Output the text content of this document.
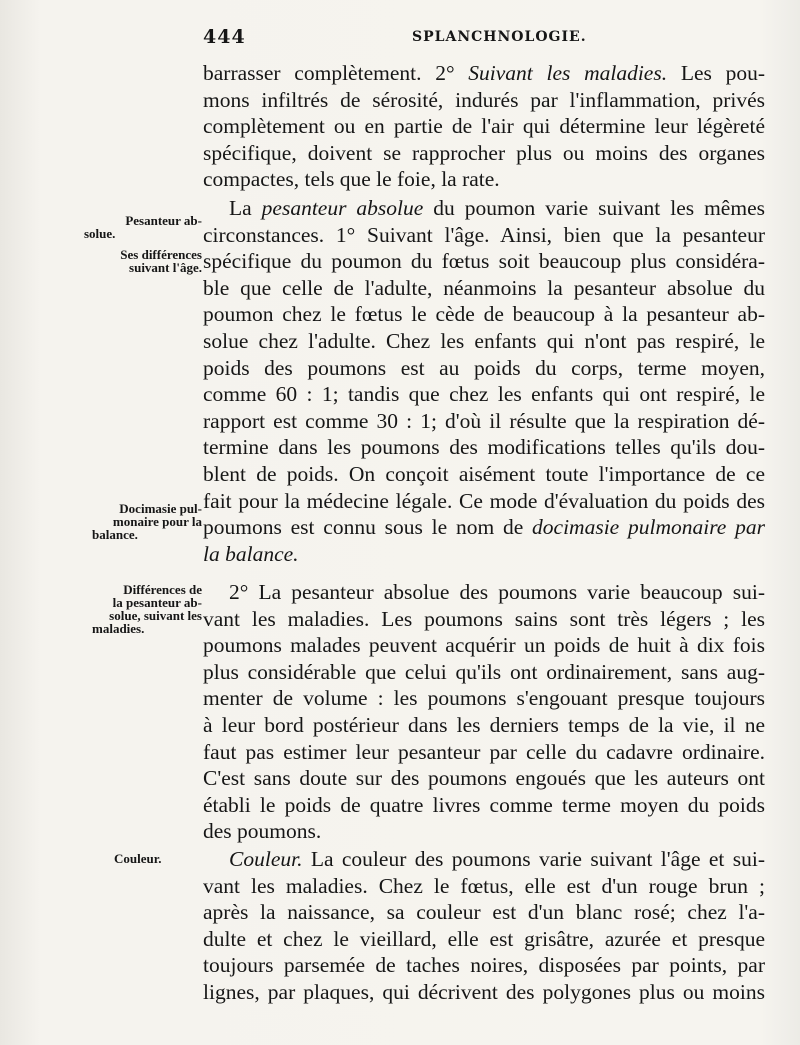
444	SPLANCHNOLOGIE.
Pesanteur ab-
solue.
Ses différences
suivant l'âge.
Docimasie pul-
monaire pour la
balance.
Différences de
la pesanteur ab-
solue, suivant les
maladies.
Couleur.
barrasser complètement. 2° Suivant les maladies. Les pou-
mons infiltrés de sérosité, indurés par l'inflammation, privés
complètement ou en partie de l'air qui détermine leur légèreté
spécifique, doivent se rapprocher plus ou moins des organes
compactes, tels que le foie, la rate.
La pesanteur absolue du poumon varie suivant les mêmes
circonstances. 1° Suivant l'âge. Ainsi, bien que la pesanteur
spécifique du poumon du fœtus soit beaucoup plus considéra-
ble que celle de l'adulte, néanmoins la pesanteur absolue du
poumon chez le fœtus le cède de beaucoup à la pesanteur ab-
solue chez l'adulte. Chez les enfants qui n'ont pas respiré, le
poids des poumons est au poids du corps, terme moyen,
comme 60 : 1; tandis que chez les enfants qui ont respiré, le
rapport est comme 30 : 1; d'où il résulte que la respiration dé-
termine dans les poumons des modifications telles qu'ils dou-
blent de poids. On conçoit aisément toute l'importance de ce
fait pour la médecine légale. Ce mode d'évaluation du poids des
poumons est connu sous le nom de docimasie pulmonaire par
la balance.
2° La pesanteur absolue des poumons varie beaucoup sui-
vant les maladies. Les poumons sains sont très légers ; les
poumons malades peuvent acquérir un poids de huit à dix fois
plus considérable que celui qu'ils ont ordinairement, sans aug-
menter de volume : les poumons s'engouant presque toujours
à leur bord postérieur dans les derniers temps de la vie, il ne
faut pas estimer leur pesanteur par celle du cadavre ordinaire.
C'est sans doute sur des poumons engoués que les auteurs ont
établi le poids de quatre livres comme terme moyen du poids
des poumons.
Couleur. La couleur des poumons varie suivant l'âge et sui-
vant les maladies. Chez le fœtus, elle est d'un rouge brun ;
après la naissance, sa couleur est d'un blanc rosé; chez l'a-
dulte et chez le vieillard, elle est grisâtre, azurée et presque
toujours parsemée de taches noires, disposées par points, par
lignes, par plaques, qui décrivent des polygones plus ou moins
